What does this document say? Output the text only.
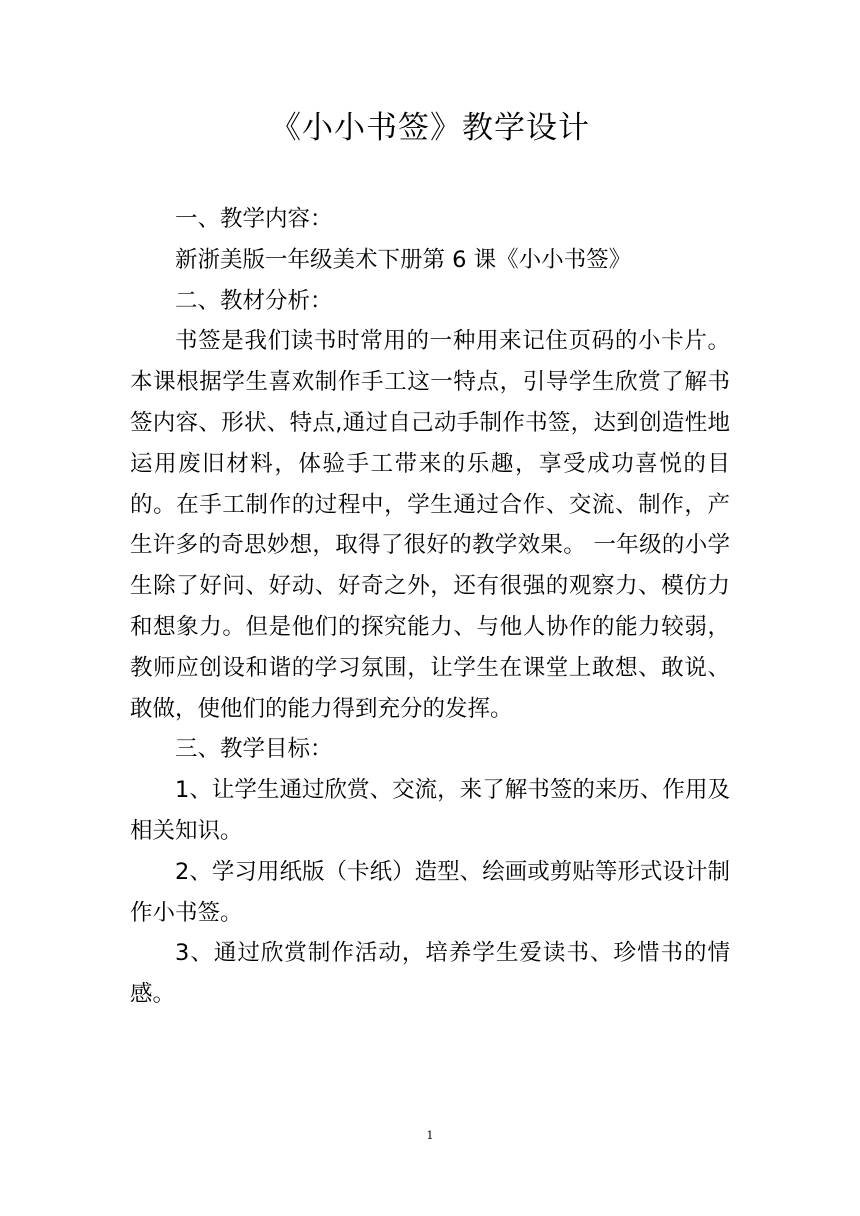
《小小书签》教学设计

一、教学内容：

新浙美版一年级美术下册第 6 课《小小书签》

二、教材分析：

书签是我们读书时常用的一种用来记住页码的小卡片。本课根据学生喜欢制作手工这一特点，引导学生欣赏了解书签内容、形状、特点,通过自己动手制作书签，达到创造性地运用废旧材料，体验手工带来的乐趣，享受成功喜悦的目的。在手工制作的过程中，学生通过合作、交流、制作，产生许多的奇思妙想，取得了很好的教学效果。 一年级的小学生除了好问、好动、好奇之外，还有很强的观察力、模仿力和想象力。但是他们的探究能力、与他人协作的能力较弱，教师应创设和谐的学习氛围，让学生在课堂上敢想、敢说、敢做，使他们的能力得到充分的发挥。

三、教学目标：

1、让学生通过欣赏、交流，来了解书签的来历、作用及相关知识。

2、学习用纸版（卡纸）造型、绘画或剪贴等形式设计制作小书签。

3、通过欣赏制作活动，培养学生爱读书、珍惜书的情感。

1
